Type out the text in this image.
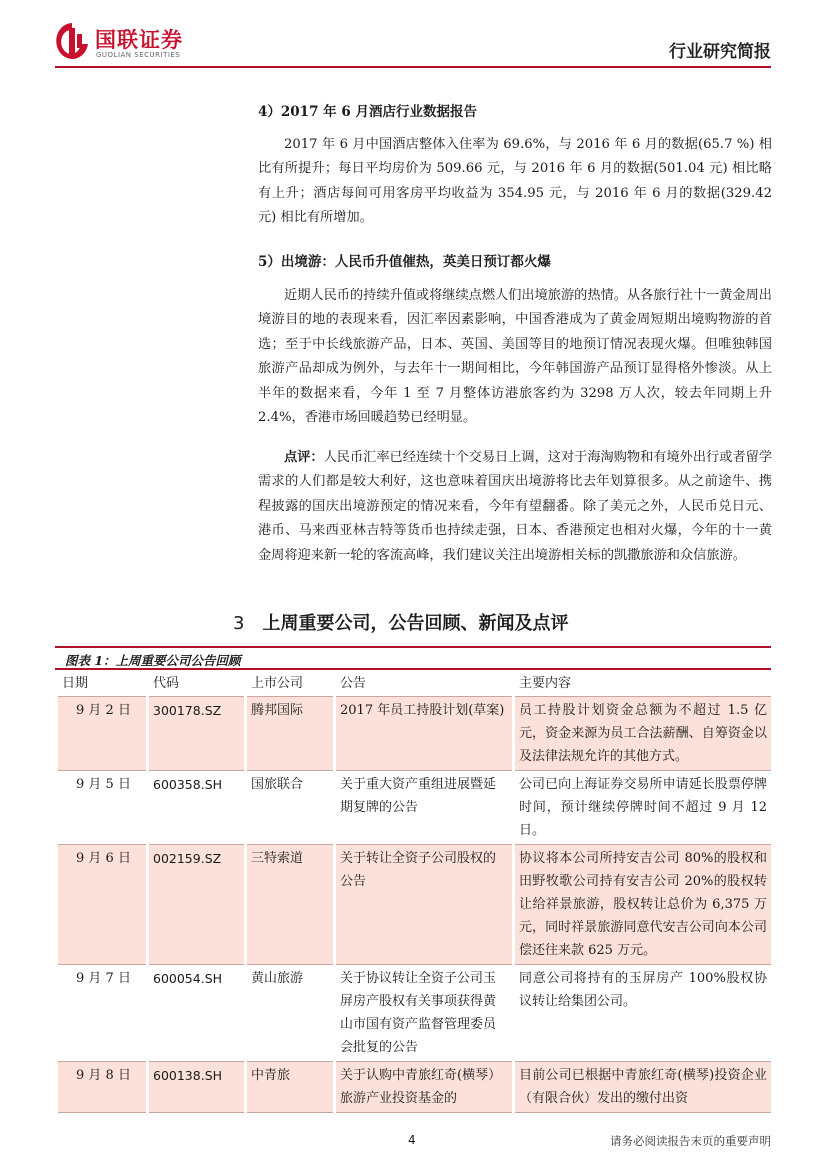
国联证券
GUOLIAN SECURITIES	行业研究简报
4）2017 年 6 月酒店行业数据报告
2017 年 6 月中国酒店整体入住率为 69.6%，与 2016 年 6 月的数据(65.7 %) 相比有所提升；每日平均房价为 509.66 元，与 2016 年 6 月的数据(501.04 元) 相比略有上升；酒店每间可用客房平均收益为 354.95 元，与 2016 年 6 月的数据(329.42 元) 相比有所增加。
5）出境游：人民币升值催热，英美日预订都火爆
近期人民币的持续升值或将继续点燃人们出境旅游的热情。从各旅行社十一黄金周出境游目的地的表现来看，因汇率因素影响，中国香港成为了黄金周短期出境购物游的首选；至于中长线旅游产品，日本、英国、美国等目的地预订情况表现火爆。但唯独韩国旅游产品却成为例外，与去年十一期间相比，今年韩国游产品预订显得格外惨淡。从上半年的数据来看，今年 1 至 7 月整体访港旅客约为 3298 万人次，较去年同期上升 2.4%，香港市场回暖趋势已经明显。
点评：人民币汇率已经连续十个交易日上调，这对于海淘购物和有境外出行或者留学需求的人们都是较大利好，这也意味着国庆出境游将比去年划算很多。从之前途牛、携程披露的国庆出境游预定的情况来看，今年有望翻番。除了美元之外，人民币兑日元、港币、马来西亚林吉特等货币也持续走强，日本、香港预定也相对火爆，今年的十一黄金周将迎来新一轮的客流高峰，我们建议关注出境游相关标的凯撒旅游和众信旅游。
3 上周重要公司，公告回顾、新闻及点评
图表 1：上周重要公司公告回顾
日期	代码	上市公司	公告	主要内容
9 月 2 日	300178.SZ	腾邦国际	2017 年员工持股计划(草案)	员工持股计划资金总额为不超过 1.5 亿元，资金来源为员工合法薪酬、自筹资金以及法律法规允许的其他方式。
9 月 5 日	600358.SH	国旅联合	关于重大资产重组进展暨延期复牌的公告	公司已向上海证券交易所申请延长股票停牌时间，预计继续停牌时间不超过 9 月 12 日。
9 月 6 日	002159.SZ	三特索道	关于转让全资子公司股权的公告	协议将本公司所持安吉公司 80%的股权和田野牧歌公司持有安吉公司 20%的股权转让给祥景旅游，股权转让总价为 6,375 万元，同时祥景旅游同意代安吉公司向本公司偿还往来款 625 万元。
9 月 7 日	600054.SH	黄山旅游	关于协议转让全资子公司玉屏房产股权有关事项获得黄山市国有资产监督管理委员会批复的公告	同意公司将持有的玉屏房产 100%股权协议转让给集团公司。
9 月 8 日	600138.SH	中青旅	关于认购中青旅红奇(横琴）旅游产业投资基金的	目前公司已根据中青旅红奇(横琴)投资企业（有限合伙）发出的缴付出资
4	请务必阅读报告末页的重要声明
